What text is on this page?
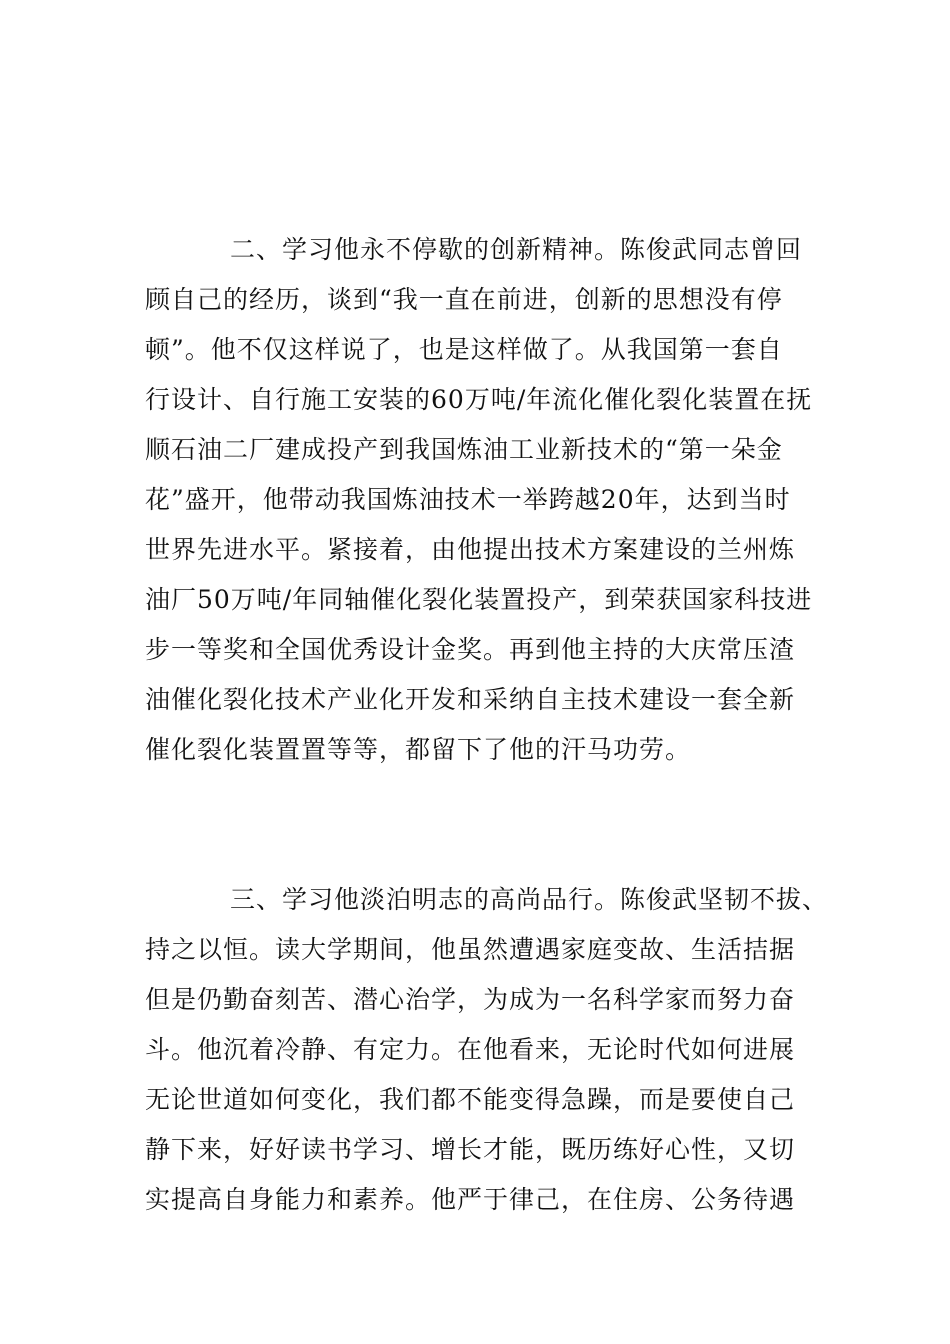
二、学习他永不停歇的创新精神。陈俊武同志曾回
顾自己的经历，谈到“我一直在前进，创新的思想没有停
顿”。他不仅这样说了，也是这样做了。从我国第一套自
行设计、自行施工安装的60万吨/年流化催化裂化装置在抚
顺石油二厂建成投产到我国炼油工业新技术的“第一朵金
花”盛开，他带动我国炼油技术一举跨越20年，达到当时
世界先进水平。紧接着，由他提出技术方案建设的兰州炼
油厂50万吨/年同轴催化裂化装置投产，到荣获国家科技进
步一等奖和全国优秀设计金奖。再到他主持的大庆常压渣
油催化裂化技术产业化开发和采纳自主技术建设一套全新
催化裂化装置置等等，都留下了他的汗马功劳。
三、学习他淡泊明志的高尚品行。陈俊武坚韧不拔、
持之以恒。读大学期间，他虽然遭遇家庭变故、生活拮据
但是仍勤奋刻苦、潜心治学，为成为一名科学家而努力奋
斗。他沉着冷静、有定力。在他看来，无论时代如何进展
无论世道如何变化，我们都不能变得急躁，而是要使自己
静下来，好好读书学习、增长才能，既历练好心性，又切
实提高自身能力和素养。他严于律己，在住房、公务待遇
